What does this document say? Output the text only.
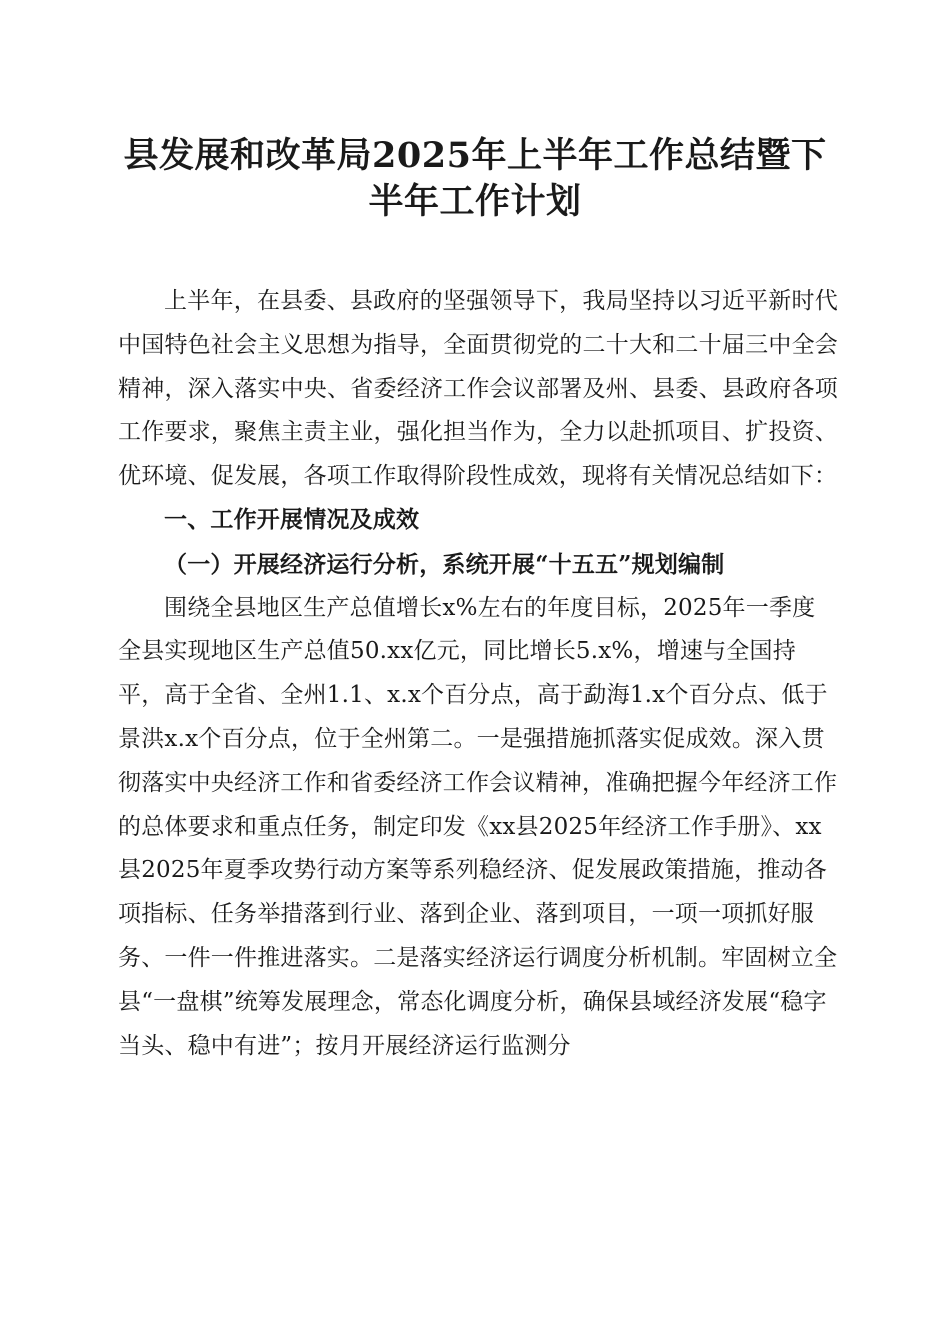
县发展和改革局2025年上半年工作总结暨下
半年工作计划

上半年，在县委、县政府的坚强领导下，我局坚持以习近平新时代中国特色社会主义思想为指导，全面贯彻党的二十大和二十届三中全会精神，深入落实中央、省委经济工作会议部署及州、县委、县政府各项工作要求，聚焦主责主业，强化担当作为，全力以赴抓项目、扩投资、优环境、促发展，各项工作取得阶段性成效，现将有关情况总结如下：

一、工作开展情况及成效

（一）开展经济运行分析，系统开展“十五五”规划编制

围绕全县地区生产总值增长x%左右的年度目标，2025年一季度全县实现地区生产总值50.xx亿元，同比增长5.x%，增速与全国持平，高于全省、全州1.1、x.x个百分点，高于勐海1.x个百分点、低于景洪x.x个百分点，位于全州第二。一是强措施抓落实促成效。深入贯彻落实中央经济工作和省委经济工作会议精神，准确把握今年经济工作的总体要求和重点任务，制定印发《xx县2025年经济工作手册》、xx县2025年夏季攻势行动方案等系列稳经济、促发展政策措施，推动各项指标、任务举措落到行业、落到企业、落到项目，一项一项抓好服务、一件一件推进落实。二是落实经济运行调度分析机制。牢固树立全县“一盘棋”统筹发展理念，常态化调度分析，确保县域经济发展“稳字当头、稳中有进”；按月开展经济运行监测分
